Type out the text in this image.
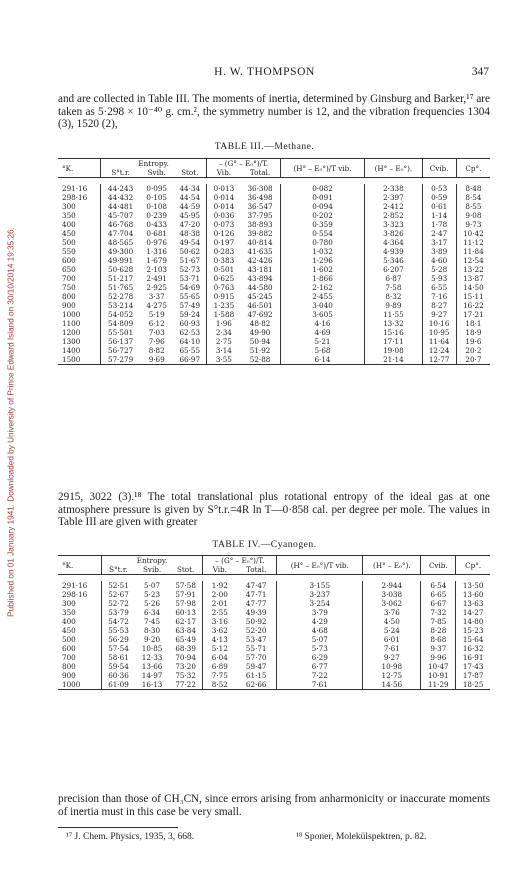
Published on 01 January 1941. Downloaded by University of Prince Edward Island on 30/10/2014 19:35:26.
H. W. THOMPSON	347
and are collected in Table III. The moments of inertia, determined by Ginsburg and Barker,¹⁷ are taken as 5·298 × 10⁻⁴⁰ g. cm.², the symmetry number is 12, and the vibration frequencies 1304 (3), 1520 (2),
TABLE III.—Methane.
°K.	Entropy.			– (G° – E₀°)/T.		(H° – E₀°)/T vib.	(H° – E₀°).	Cvib.	Cp°.
	S°t.r.	Svib.	Stot.	Vib.	Total.				

291·16	44·243	0·095	44·34	0·013	36·308	0·082	2·338	0·53	8·48
298·16	44·432	0·105	44·54	0·014	36·498	0·091	2·397	0·59	8·54
300	44·481	0·108	44·59	0·014	36·547	0·094	2·412	0·61	8·55
350	45·707	0·239	45·95	0·036	37·795	0·202	2·852	1·14	9·08
400	46·768	0·433	47·20	0·073	38·893	0·359	3·323	1·78	9·73
450	47·704	0·681	48·38	0·126	39·882	0·554	3·826	2·47	10·42
500	48·565	0·976	49·54	0·197	40·814	0·780	4·364	3·17	11·12
550	49·300	1·316	50·62	0·283	41·635	1·032	4·939	3·89	11·84
600	49·991	1·679	51·67	0·383	42·426	1·296	5·346	4·60	12·54
650	50·628	2·103	52·73	0·501	43·181	1·602	6·207	5·28	13·22
700	51·217	2·491	53·71	0·625	43·894	1·866	6·87	5·93	13·87
750	51·765	2·925	54·69	0·763	44·580	2·162	7·58	6·55	14·50
800	52·278	3·37	55·65	0·915	45·245	2·455	8·32	7·16	15·11
900	53·214	4·275	57·49	1·235	46·501	3·040	9·89	8·27	16·22
1000	54·052	5·19	59·24	1·588	47·692	3·605	11·55	9·27	17·21
1100	54·809	6·12	60·93	1·96	48·82	4·16	13·32	10·16	18·1
1200	55·501	7·03	62·53	2·34	49·90	4·69	15·16	10·95	18·9
1300	56·137	7·96	64·10	2·75	50·94	5·21	17·11	11·64	19·6
1400	56·727	8·82	65·55	3·14	51·92	5·68	19·08	12·24	20·2
1500	57·279	9·69	66·97	3·55	52·88	6·14	21·14	12·77	20·7
2915, 3022 (3).¹⁸ The total translational plus rotational entropy of the ideal gas at one atmosphere pressure is given by S°t.r.=4R ln T—0·858 cal. per degree per mole. The values in Table III are given with greater
TABLE IV.—Cyanogen.
°K.	Entropy.			– (G° – E₀°)/T.		(H° – E₀°)/T vib.	(H° – E₀°).	Cvib.	Cp°.
	S°t.r.	Svib.	Stot.	Vib.	Total.				

291·16	52·51	5·07	57·58	1·92	47·47	3·155	2·944	6·54	13·50
298·16	52·67	5·23	57·91	2·00	47·71	3·237	3·038	6·65	13·60
300	52·72	5·26	57·98	2·01	47·77	3·254	3·062	6·67	13·63
350	53·79	6·34	60·13	2·55	49·39	3·79	3·76	7·32	14·27
400	54·72	7·45	62·17	3·16	50·92	4·29	4·50	7·85	14·80
450	55·53	8·30	63·84	3·62	52·20	4·68	5·24	8·28	15·23
500	56·29	9·20	65·49	4·13	53·47	5·07	6·01	8·68	15·64
600	57·54	10·85	68·39	5·12	55·71	5·73	7·61	9·37	16·32
700	58·61	12·33	70·94	6·04	57·70	6·29	9·27	9·96	16·91
800	59·54	13·66	73·20	6·89	59·47	6·77	10·98	10·47	17·43
900	60·36	14·97	75·32	7·75	61·15	7·22	12·75	10·91	17·87
1000	61·09	16·13	77·22	8·52	62·66	7·61	14·56	11·29	18·25
precision than those of CH₃CN, since errors arising from anharmonicity or inaccurate moments of inertia must in this case be very small.
¹⁷ J. Chem. Physics, 1935, 3, 668.	¹⁸ Sponer, Molekülspektren, p. 82.
